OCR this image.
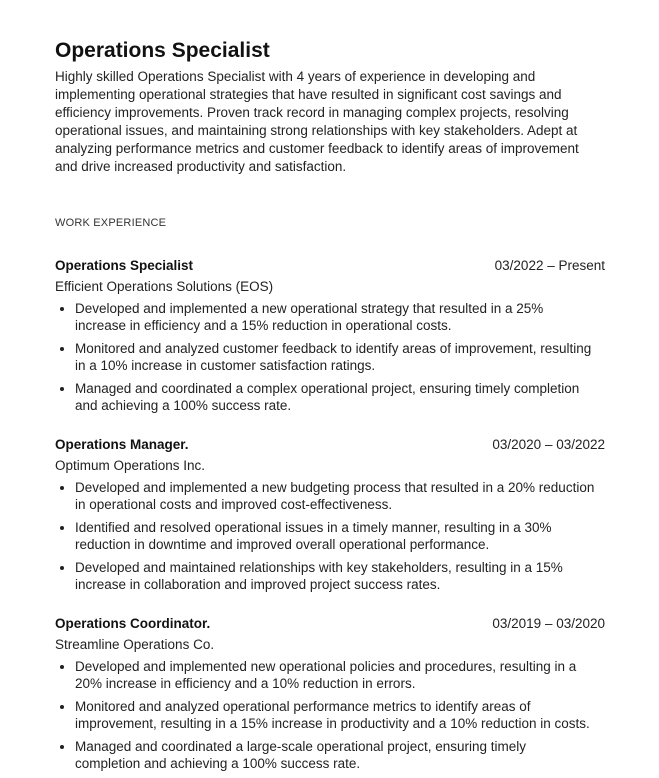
Operations Specialist

Highly skilled Operations Specialist with 4 years of experience in developing and implementing operational strategies that have resulted in significant cost savings and efficiency improvements. Proven track record in managing complex projects, resolving operational issues, and maintaining strong relationships with key stakeholders. Adept at analyzing performance metrics and customer feedback to identify areas of improvement and drive increased productivity and satisfaction.

WORK EXPERIENCE
Operations Specialist	03/2022 – Present
Efficient Operations Solutions (EOS)
• Developed and implemented a new operational strategy that resulted in a 25% increase in efficiency and a 15% reduction in operational costs.
• Monitored and analyzed customer feedback to identify areas of improvement, resulting in a 10% increase in customer satisfaction ratings.
• Managed and coordinated a complex operational project, ensuring timely completion and achieving a 100% success rate.
Operations Manager.	03/2020 – 03/2022
Optimum Operations Inc.
• Developed and implemented a new budgeting process that resulted in a 20% reduction in operational costs and improved cost-effectiveness.
• Identified and resolved operational issues in a timely manner, resulting in a 30% reduction in downtime and improved overall operational performance.
• Developed and maintained relationships with key stakeholders, resulting in a 15% increase in collaboration and improved project success rates.
Operations Coordinator.	03/2019 – 03/2020
Streamline Operations Co.
• Developed and implemented new operational policies and procedures, resulting in a 20% increase in efficiency and a 10% reduction in errors.
• Monitored and analyzed operational performance metrics to identify areas of improvement, resulting in a 15% increase in productivity and a 10% reduction in costs.
• Managed and coordinated a large-scale operational project, ensuring timely completion and achieving a 100% success rate.
